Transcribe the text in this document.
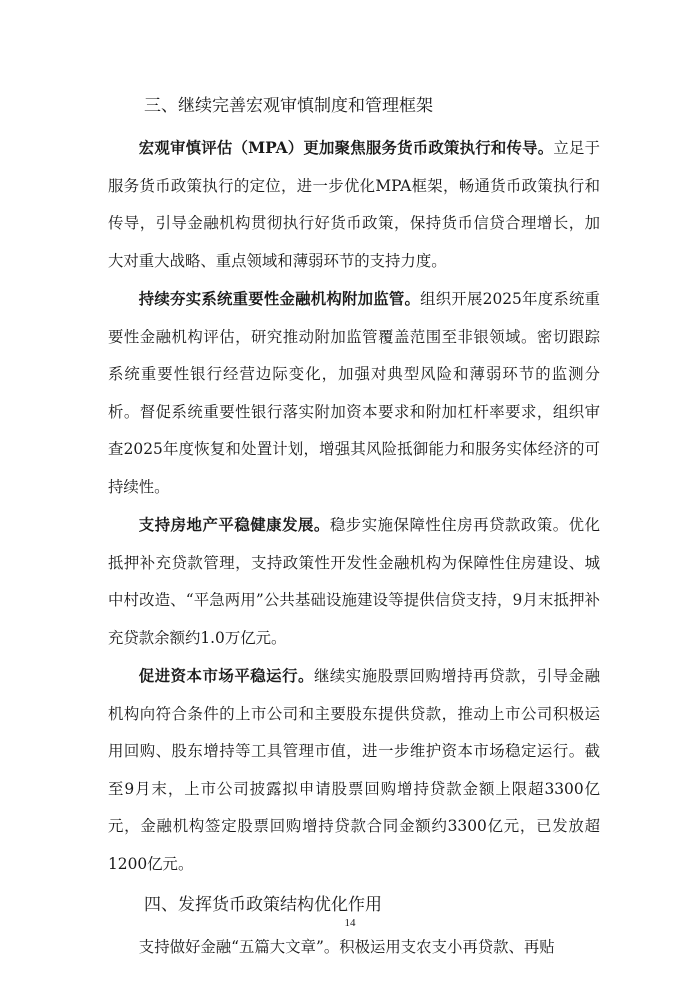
三、继续完善宏观审慎制度和管理框架

宏观审慎评估（MPA）更加聚焦服务货币政策执行和传导。立足于服务货币政策执行的定位，进一步优化MPA框架，畅通货币政策执行和传导，引导金融机构贯彻执行好货币政策，保持货币信贷合理增长，加大对重大战略、重点领域和薄弱环节的支持力度。

持续夯实系统重要性金融机构附加监管。组织开展2025年度系统重要性金融机构评估，研究推动附加监管覆盖范围至非银领域。密切跟踪系统重要性银行经营边际变化，加强对典型风险和薄弱环节的监测分析。督促系统重要性银行落实附加资本要求和附加杠杆率要求，组织审查2025年度恢复和处置计划，增强其风险抵御能力和服务实体经济的可持续性。

支持房地产平稳健康发展。稳步实施保障性住房再贷款政策。优化抵押补充贷款管理，支持政策性开发性金融机构为保障性住房建设、城中村改造、“平急两用”公共基础设施建设等提供信贷支持，9月末抵押补充贷款余额约1.0万亿元。

促进资本市场平稳运行。继续实施股票回购增持再贷款，引导金融机构向符合条件的上市公司和主要股东提供贷款，推动上市公司积极运用回购、股东增持等工具管理市值，进一步维护资本市场稳定运行。截至9月末，上市公司披露拟申请股票回购增持贷款金额上限超3300亿元，金融机构签定股票回购增持贷款合同金额约3300亿元，已发放超1200亿元。

四、发挥货币政策结构优化作用

支持做好金融“五篇大文章”。积极运用支农支小再贷款、再贴

14
